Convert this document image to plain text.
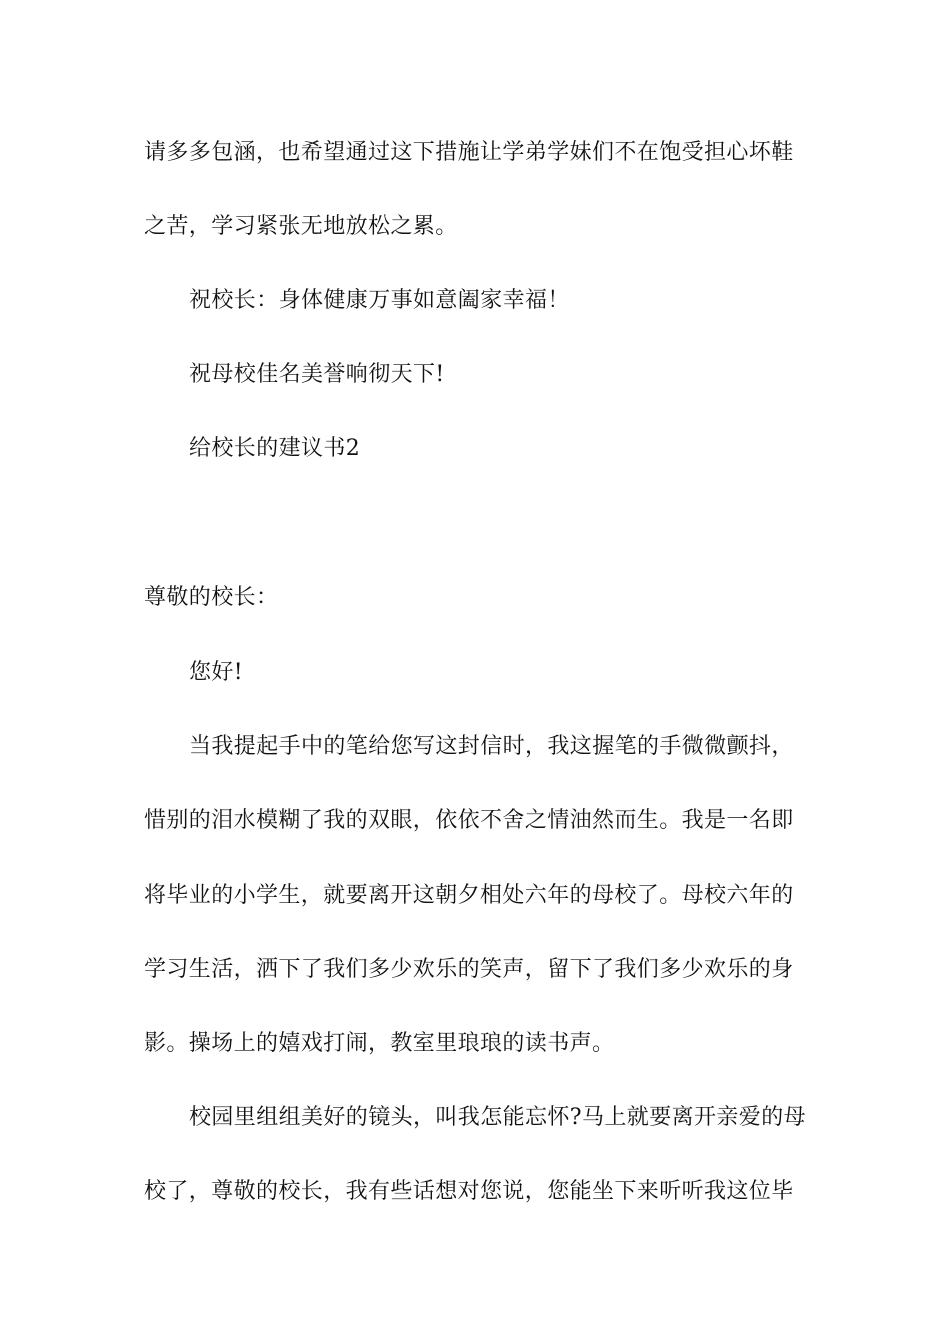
请多多包涵，也希望通过这下措施让学弟学妹们不在饱受担心坏鞋
之苦，学习紧张无地放松之累。
祝校长：身体健康万事如意阖家幸福！
祝母校佳名美誉响彻天下!
给校长的建议书2
尊敬的校长：
您好!
当我提起手中的笔给您写这封信时，我这握笔的手微微颤抖，
惜别的泪水模糊了我的双眼，依依不舍之情油然而生。我是一名即
将毕业的小学生，就要离开这朝夕相处六年的母校了。母校六年的
学习生活，洒下了我们多少欢乐的笑声，留下了我们多少欢乐的身
影。操场上的嬉戏打闹，教室里琅琅的读书声。
校园里组组美好的镜头，叫我怎能忘怀?马上就要离开亲爱的母
校了，尊敬的校长，我有些话想对您说，您能坐下来听听我这位毕
